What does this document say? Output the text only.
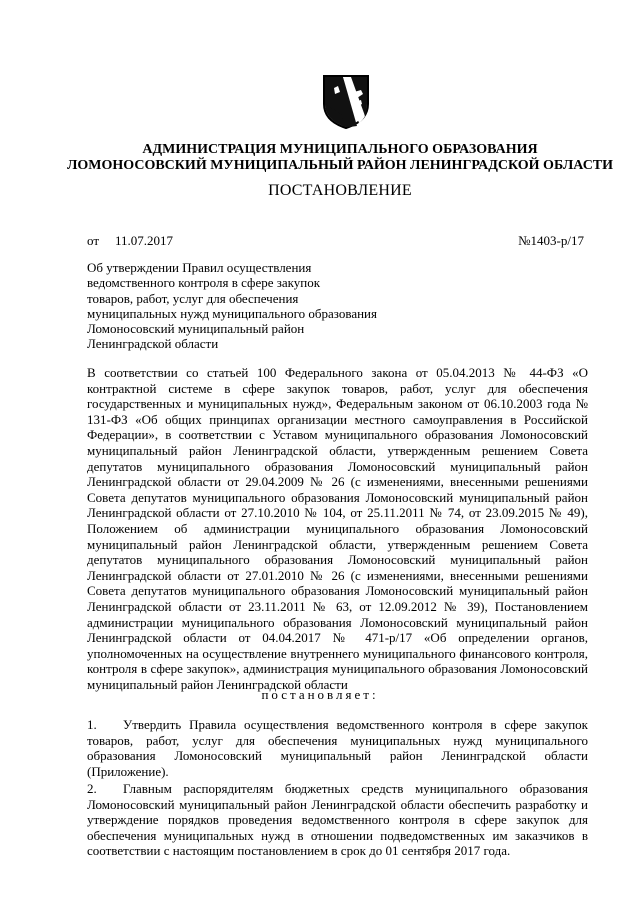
АДМИНИСТРАЦИЯ МУНИЦИПАЛЬНОГО ОБРАЗОВАНИЯ
ЛОМОНОСОВСКИЙ МУНИЦИПАЛЬНЫЙ РАЙОН ЛЕНИНГРАДСКОЙ ОБЛАСТИ
ПОСТАНОВЛЕНИЕ
от 11.07.2017	№1403-р/17
Об утверждении Правил осуществления
ведомственного контроля в сфере закупок
товаров, работ, услуг для обеспечения
муниципальных нужд муниципального образования
Ломоносовский муниципальный район
Ленинградской области
В соответствии со статьей 100 Федерального закона от 05.04.2013 № 44-ФЗ «О контрактной системе в сфере закупок товаров, работ, услуг для обеспечения государственных и муниципальных нужд», Федеральным законом от 06.10.2003 года № 131-ФЗ «Об общих принципах организации местного самоуправления в Российской Федерации», в соответствии с Уставом муниципального образования Ломоносовский муниципальный район Ленинградской области, утвержденным решением Совета депутатов муниципального образования Ломоносовский муниципальный район Ленинградской области от 29.04.2009 № 26 (с изменениями, внесенными решениями Совета депутатов муниципального образования Ломоносовский муниципальный район Ленинградской области от 27.10.2010 № 104, от 25.11.2011 № 74, от 23.09.2015 № 49), Положением об администрации муниципального образования Ломоносовский муниципальный район Ленинградской области, утвержденным решением Совета депутатов муниципального образования Ломоносовский муниципальный район Ленинградской области от 27.01.2010 № 26 (с изменениями, внесенными решениями Совета депутатов муниципального образования Ломоносовский муниципальный район Ленинградской области от 23.11.2011 № 63, от 12.09.2012 № 39), Постановлением администрации муниципального образования Ломоносовский муниципальный район Ленинградской области от 04.04.2017 № 471-р/17 «Об определении органов, уполномоченных на осуществление внутреннего муниципального финансового контроля, контроля в сфере закупок», администрация муниципального образования Ломоносовский муниципальный район Ленинградской области
постановляет:
1. Утвердить Правила осуществления ведомственного контроля в сфере закупок товаров, работ, услуг для обеспечения муниципальных нужд муниципального образования Ломоносовский муниципальный район Ленинградской области (Приложение).
2. Главным распорядителям бюджетных средств муниципального образования Ломоносовский муниципальный район Ленинградской области обеспечить разработку и утверждение порядков проведения ведомственного контроля в сфере закупок для обеспечения муниципальных нужд в отношении подведомственных им заказчиков в соответствии с настоящим постановлением в срок до 01 сентября 2017 года.
